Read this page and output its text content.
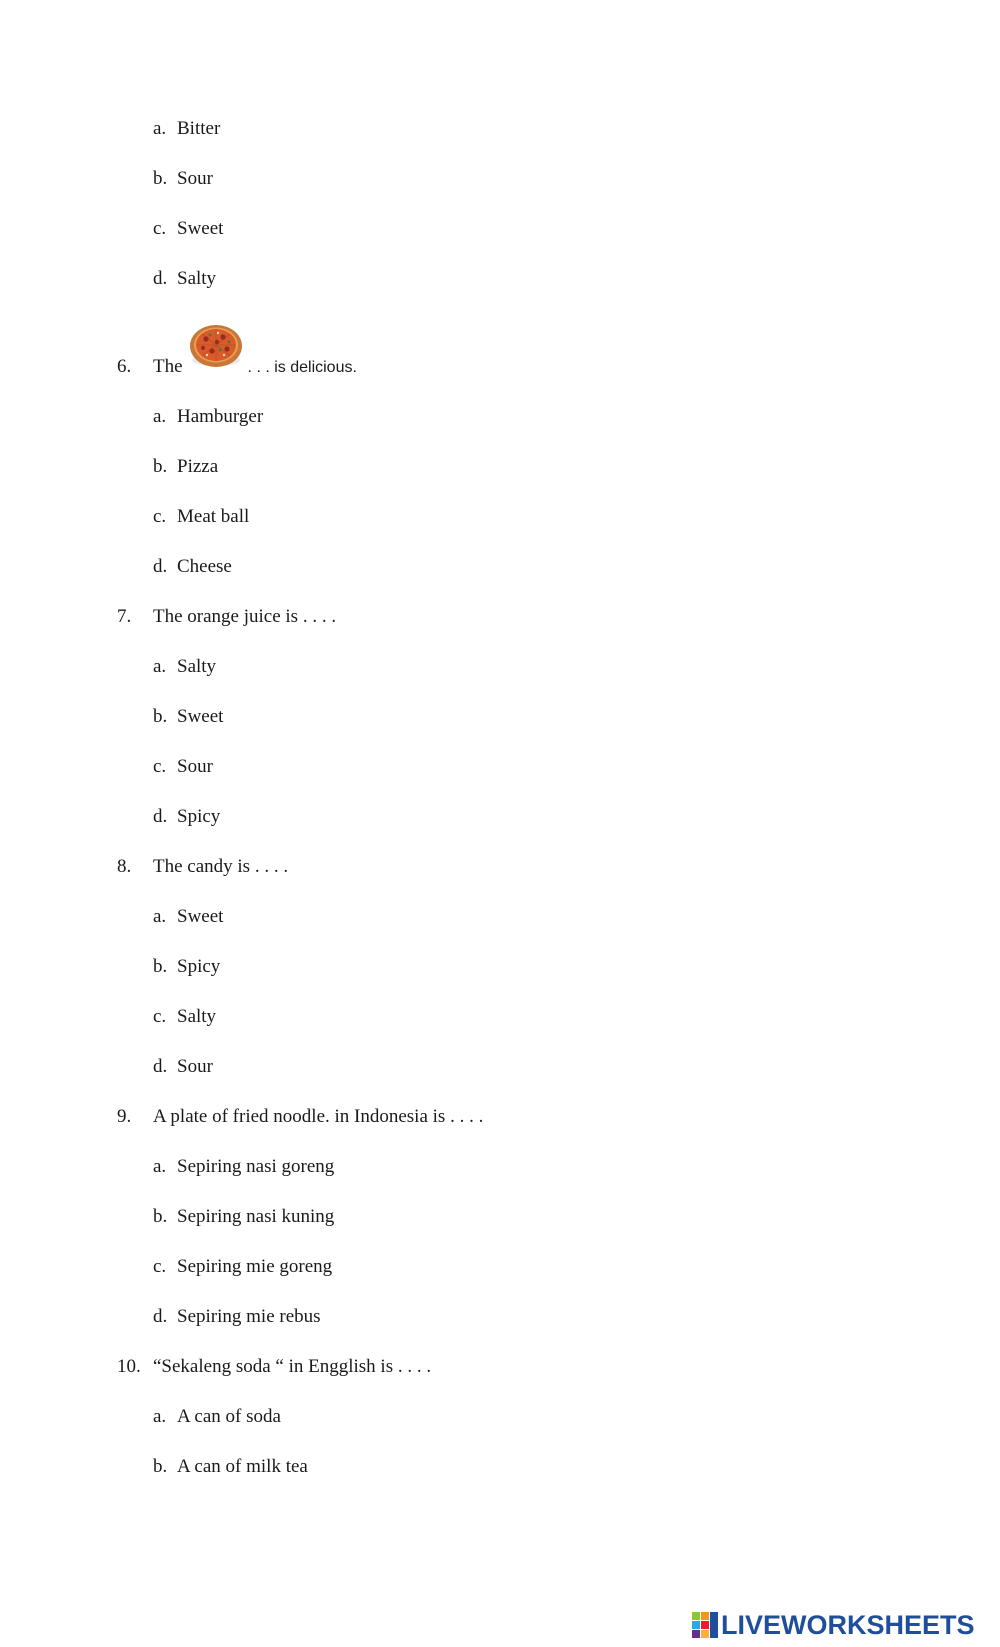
a. Bitter
b. Sour
c. Sweet
d. Salty
6. The	. . . is delicious.
a. Hamburger
b. Pizza
c. Meat ball
d. Cheese
7. The orange juice is . . . .
a. Salty
b. Sweet
c. Sour
d. Spicy
8. The candy is . . . .
a. Sweet
b. Spicy
c. Salty
d. Sour
9. A plate of fried noodle. in Indonesia is . . . .
a. Sepiring nasi goreng
b. Sepiring nasi kuning
c. Sepiring mie goreng
d. Sepiring mie rebus
10. “Sekaleng soda “ in Engglish is . . . .
a. A can of soda
b. A can of milk tea
LIVEWORKSHEETS
